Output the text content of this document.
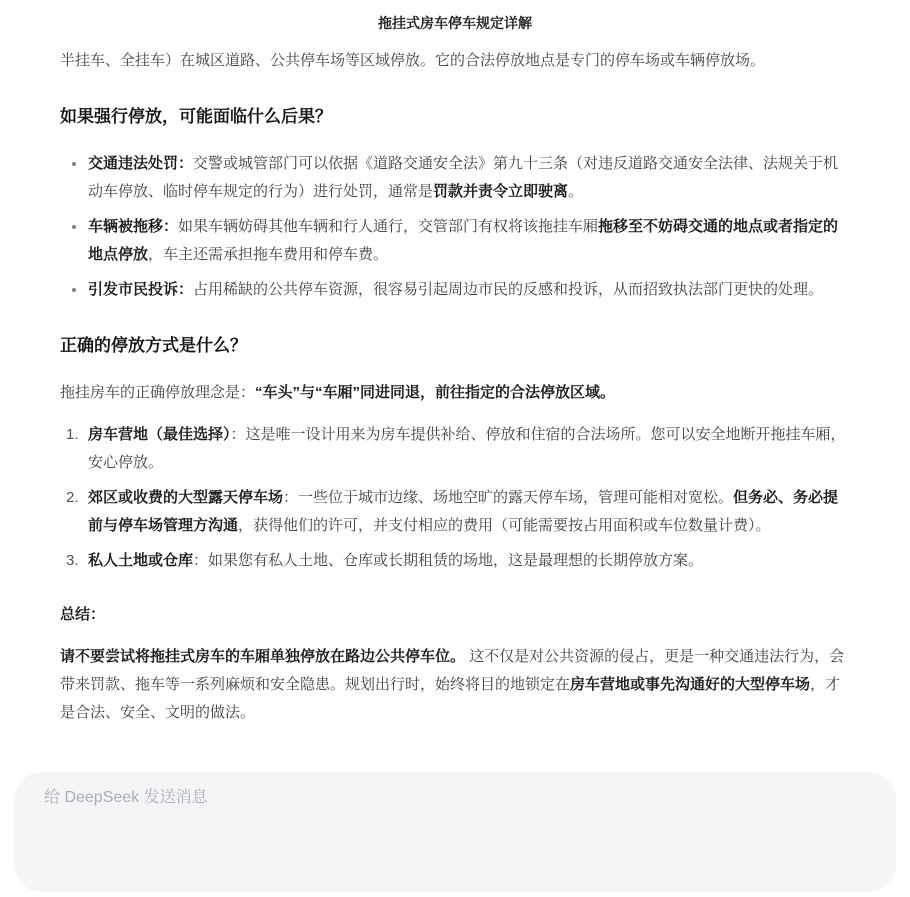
拖挂式房车停车规定详解

半挂车、全挂车）在城区道路、公共停车场等区域停放。它的合法停放地点是专门的停车场或车辆停放场。

如果强行停放，可能面临什么后果？
交通违法处罚：交警或城管部门可以依据《道路交通安全法》第九十三条（对违反道路交通安全法律、法规关于机动车停放、临时停车规定的行为）进行处罚，通常是罚款并责令立即驶离。
车辆被拖移：如果车辆妨碍其他车辆和行人通行，交管部门有权将该拖挂车厢拖移至不妨碍交通的地点或者指定的地点停放，车主还需承担拖车费用和停车费。
引发市民投诉：占用稀缺的公共停车资源，很容易引起周边市民的反感和投诉，从而招致执法部门更快的处理。
正确的停放方式是什么？

拖挂房车的正确停放理念是：“车头”与“车厢”同进同退，前往指定的合法停放区域。

房车营地（最佳选择）：这是唯一设计用来为房车提供补给、停放和住宿的合法场所。您可以安全地断开拖挂车厢，安心停放。
郊区或收费的大型露天停车场：一些位于城市边缘、场地空旷的露天停车场，管理可能相对宽松。但务必、务必提前与停车场管理方沟通，获得他们的许可，并支付相应的费用（可能需要按占用面积或车位数量计费）。
私人土地或仓库：如果您有私人土地、仓库或长期租赁的场地，这是最理想的长期停放方案。

总结：

请不要尝试将拖挂式房车的车厢单独停放在路边公共停车位。 这不仅是对公共资源的侵占，更是一种交通违法行为，会带来罚款、拖车等一系列麻烦和安全隐患。规划出行时，始终将目的地锁定在房车营地或事先沟通好的大型停车场，才是合法、安全、文明的做法。

给 DeepSeek 发送消息
